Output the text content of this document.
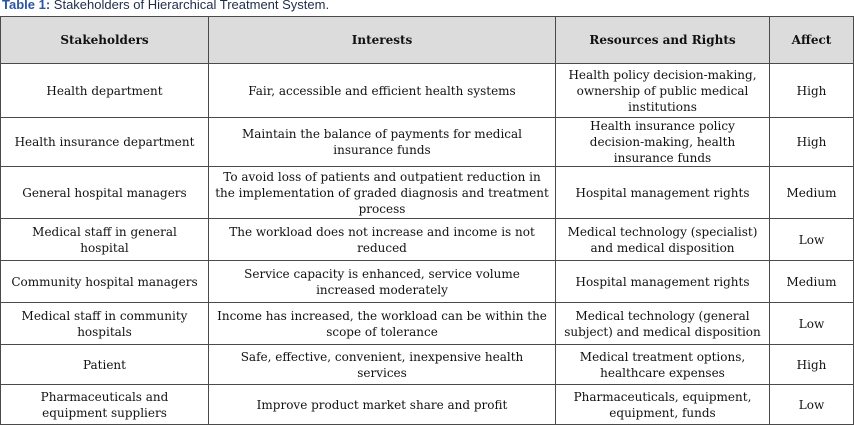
Table 1: Stakeholders of Hierarchical Treatment System.
Stakeholders	Interests	Resources and Rights	Affect
Health department	Fair, accessible and efficient health systems	Health policy decision-making, ownership of public medical institutions	High
Health insurance department	Maintain the balance of payments for medical insurance funds	Health insurance policy decision-making, health insurance funds	High
General hospital managers	To avoid loss of patients and outpatient reduction in the implementation of graded diagnosis and treatment process	Hospital management rights	Medium
Medical staff in general hospital	The workload does not increase and income is not reduced	Medical technology (specialist) and medical disposition	Low
Community hospital managers	Service capacity is enhanced, service volume increased moderately	Hospital management rights	Medium
Medical staff in community hospitals	Income has increased, the workload can be within the scope of tolerance	Medical technology (general subject) and medical disposition	Low
Patient	Safe, effective, convenient, inexpensive health services	Medical treatment options, healthcare expenses	High
Pharmaceuticals and equipment suppliers	Improve product market share and profit	Pharmaceuticals, equipment, equipment, funds	Low
